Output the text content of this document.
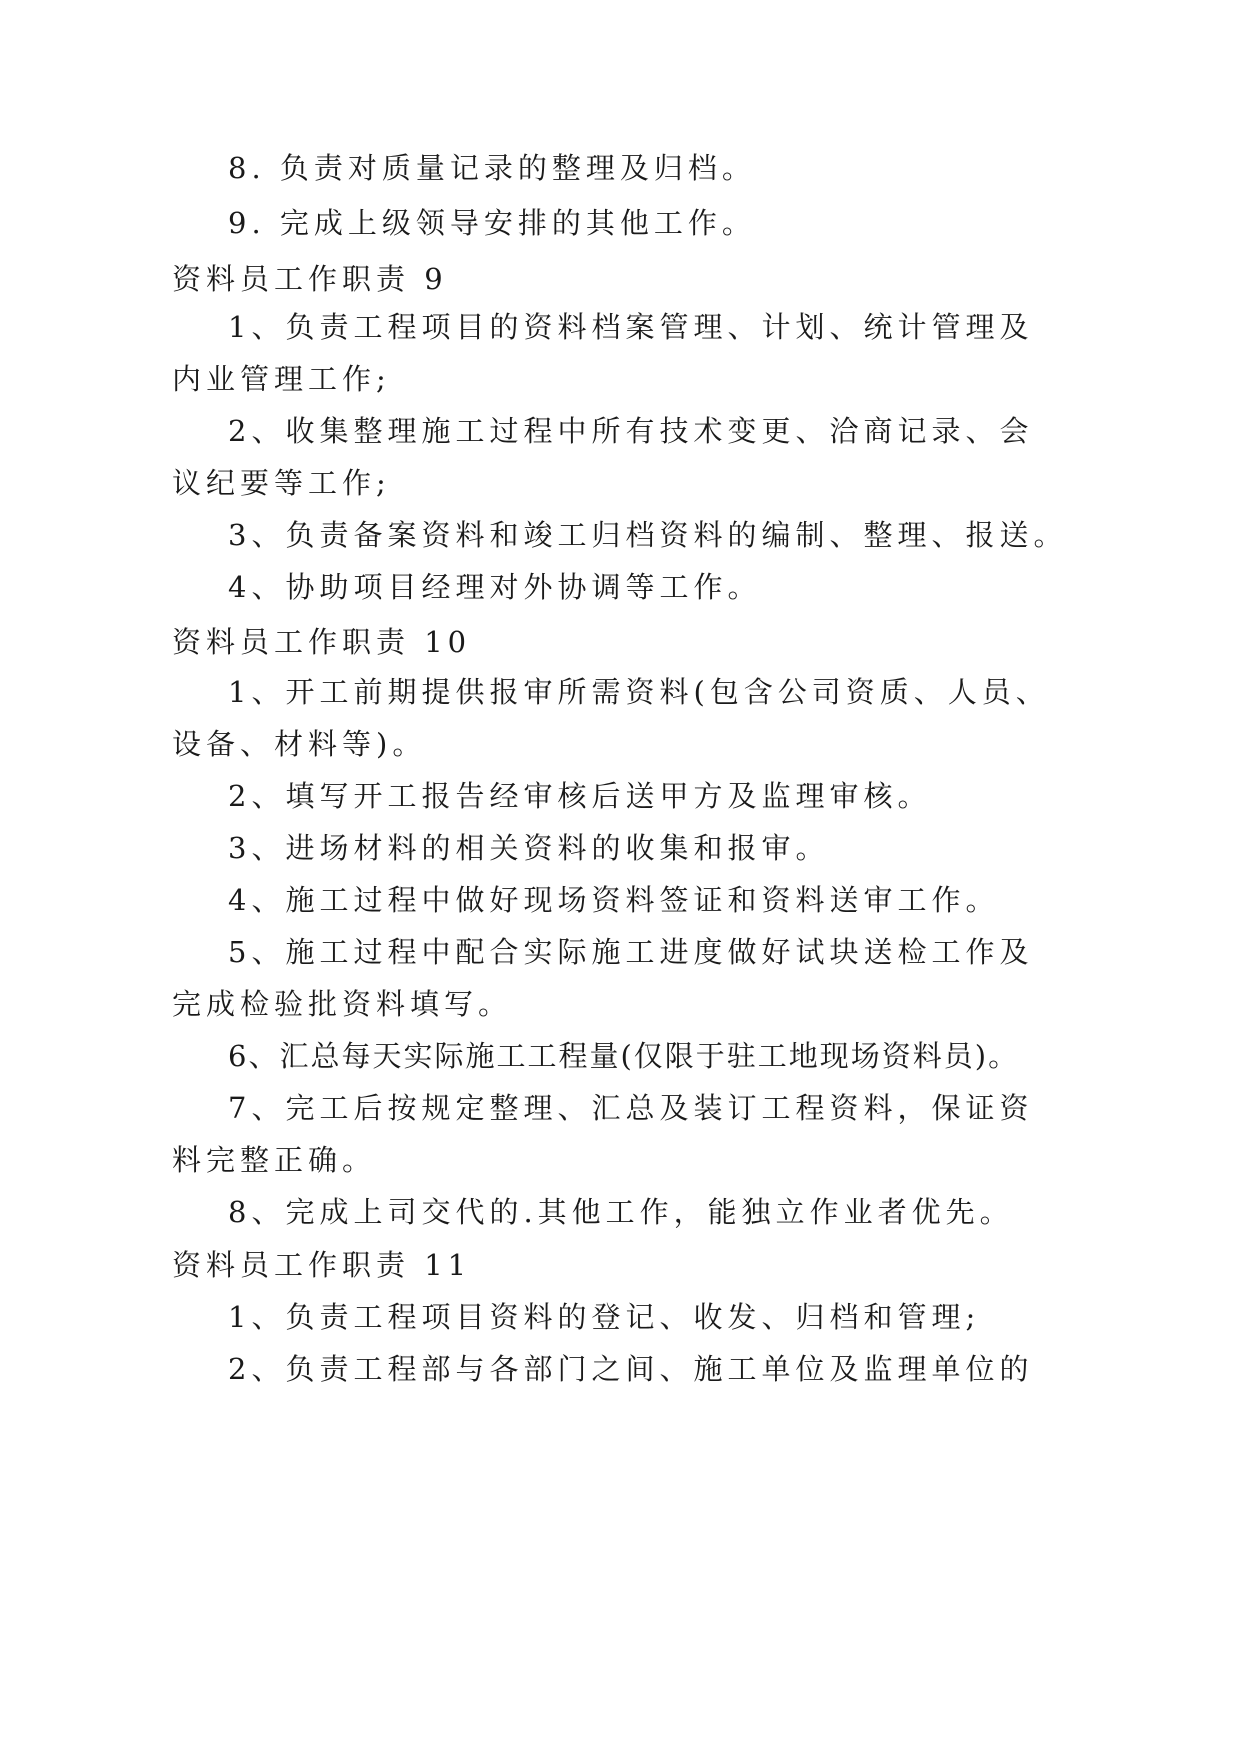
8. 负责对质量记录的整理及归档。
9. 完成上级领导安排的其他工作。
资料员工作职责 9
1、负责工程项目的资料档案管理、计划、统计管理及
内业管理工作;
2、收集整理施工过程中所有技术变更、洽商记录、会
议纪要等工作;
3、负责备案资料和竣工归档资料的编制、整理、报送。
4、协助项目经理对外协调等工作。
资料员工作职责 10
1、开工前期提供报审所需资料(包含公司资质、人员、
设备、材料等)。
2、填写开工报告经审核后送甲方及监理审核。
3、进场材料的相关资料的收集和报审。
4、施工过程中做好现场资料签证和资料送审工作。
5、施工过程中配合实际施工进度做好试块送检工作及
完成检验批资料填写。
6、汇总每天实际施工工程量(仅限于驻工地现场资料员)。
7、完工后按规定整理、汇总及装订工程资料，保证资
料完整正确。
8、完成上司交代的.其他工作，能独立作业者优先。
资料员工作职责 11
1、负责工程项目资料的登记、收发、归档和管理;
2、负责工程部与各部门之间、施工单位及监理单位的
